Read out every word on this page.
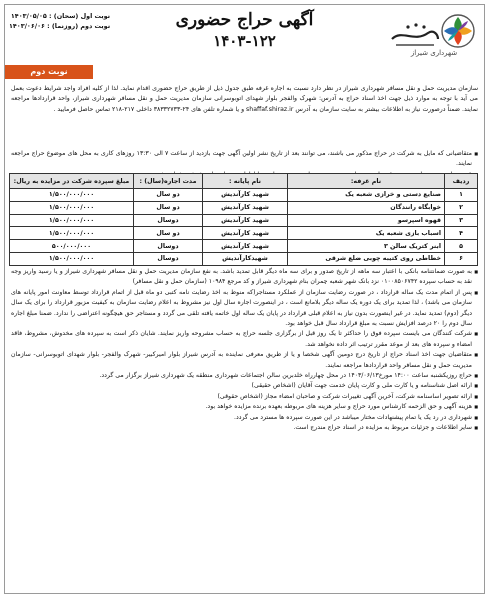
شهرداری شیراز
آگهی حراج حضوری
۱۴۰۳-۱۲۲
نوبت اول (سحان) : ۱۴۰۳/۰۵/۰۵
نوبت دوم (روزنما) : ۱۴۰۳/۰۶/۰۶
نوبت دوم

سازمان مدیریت حمل و نقل مسافر شهرداری شیراز در نظر دارد نسبت به اجاره غرفه طبق جدول ذیل از طریق حراج حضوری اقدام نماید. لذا از کلیه افراد واجد شرایط دعوت بعمل می آید با توجه به موارد ذیل جهت اخذ اسناد حراج به آدرس: شهرک والفجر بلوار شهدای اتوبوسرانی سازمان مدیریت حمل و نقل مسافر شهرداری شیراز، واحد قراردادها مراجعه نمایند. ضمناً درصورت نیاز به اطلاعات بیشتر به سایت سازمان به آدرس shaffaf.shiraz.ir و یا شماره تلفن های ۲۴-۳۸۳۳۲۷۳۳ داخلی ۲۱۷-۲۱۸ تماس حاصل فرمایید .

■ متقاضیانی که مایل به شرکت در حراج مذکور می باشند، می توانند بعد از تاریخ نشر اولین آگهی جهت بازدید از ساعت ۷ الی ۱۳:۳۰ روزهای کاری به محل های موضوع حراج مراجعه نمایند.

■

ردیف	نام غرفه:	نام پایانه :	مدت اجاره(سال) :	مبلغ سپرده شرکت در مزایده به ریال:
۱	صنایع دستی و خرازی شعبه یک	شهید کارآندیش	دو سال	۱/۵۰۰/۰۰۰/۰۰۰
۲	خوابگاه رانندگان	شهید کارآندیش	دو سال	۱/۵۰۰/۰۰۰/۰۰۰
۳	قهوه اسپرسو	شهید کارآندیش	دوسال	۱/۵۰۰/۰۰۰/۰۰۰
۴	اسباب بازی شعبه یک	شهید کارآندیش	دو سال	۱/۵۰۰/۰۰۰/۰۰۰
۵	ابنر کتریک سالن ۳	شهید کارآندیش	دوسال	۵۰۰/۰۰۰/۰۰۰
۶	خطاطی روی کتیبه چوبی ضلع شرقی	شهیدکارآندیش	دوسال	۱/۵۰۰/۰۰۰/۰۰۰

■ به صورت ضمانتنامه بانکی با اعتبار سه ماهه از تاریخ صدور و برای سه ماه دیگر قابل تمدید باشد. به نفع سازمان مدیریت حمل و نقل مسافر شهرداری شیراز و یا رسید واریز وجه نقد به حساب سپرده ۰۱۰۰۸۵۰۶۷۴۲ نزد بانک شهر شعبه چمران بنام شهرداری شیراز و کد مرجع ۱۰۹۸۴ (سازمان حمل و نقل مسافر)

■ پس از اتمام مدت یک ساله قرارداد ، در صورت رضایت سازمان از عملکرد مستاجر(که منوط به اخذ رضایت نامه کتبی دو ماه قبل از اتمام قرارداد توسط معاونت امور پایانه های سازمان می باشد) ، لذا تمدید برای یک دوره یک ساله دیگر بلامانع است ، در اینصورت اجاره سال اول نیز مشروط به اعلام رضایت سازمان به کیفیت مزبور قرارداد را برای یک سال دیگر (دوم) تمدید نماید. در غیر اینصورت بدون نیاز به اعلام قبلی قرارداد در پایان یک ساله اول خاتمه یافته تلقی می گردد و مستاجر حق هیچگونه اعتراضی را ندارد. ضمنا مبلغ اجاره سال دوم را ۲۰ درصد افزایش نسبت به مبلغ قرارداد سال قبل خواهد بود.

■ شرکت کنندگان می بایست سپرده فوق را حداکثر تا یک روز قبل از برگزاری جلسه حراج به حساب مشروحه واریز نمایند. شایان ذکر است به سپرده های مخدوش، مشروط، فاقد امضاء و سپرده های بعد از موعد مقرر ترتیب اثر داده نخواهد شد.

■ متقاضیان جهت اخذ اسناد حراج از تاریخ درج دومین آگهی شخصا و یا از طریق معرفی نماینده به آدرس شیراز بلوار امیرکبیر- شهرک والفجر- بلوار شهدای اتوبوسرانی- سازمان مدیریت حمل و نقل مسافر واحد قراردادها مراجعه نمایند.

■ حراج روزیکشنبه ساعت ۱۴:۰۰ مورخ۱۴۰۳/۰۶/۱۳ در محل چهارراه خلدبرین سالن اجتماعات شهرداری منطقه یک شهرداری شیراز برگزار می گردد.

■ ارائه اصل شناسنامه و یا کارت ملی و کارت پایان خدمت جهت آقایان (اشخاص حقیقی)

■ ارائه تصویر اساسنامه شرکت، آخرین آگهی تغییرات شرکت و صاحبان امضاء مجاز (اشخاص حقوقی)

■ هزینه آگهی و حق الزحمه کارشناس مورد حراج و سایر هزینه های مربوطه بعهده برنده مزایده خواهد بود.

■ شهرداری در رد یک یا تمام پیشنهادات مختار میباشد در این صورت سپرده ها مسترد می گردد.

■ سایر اطلاعات و جزئیات مربوط به مزایده در اسناد حراج مندرج است.
